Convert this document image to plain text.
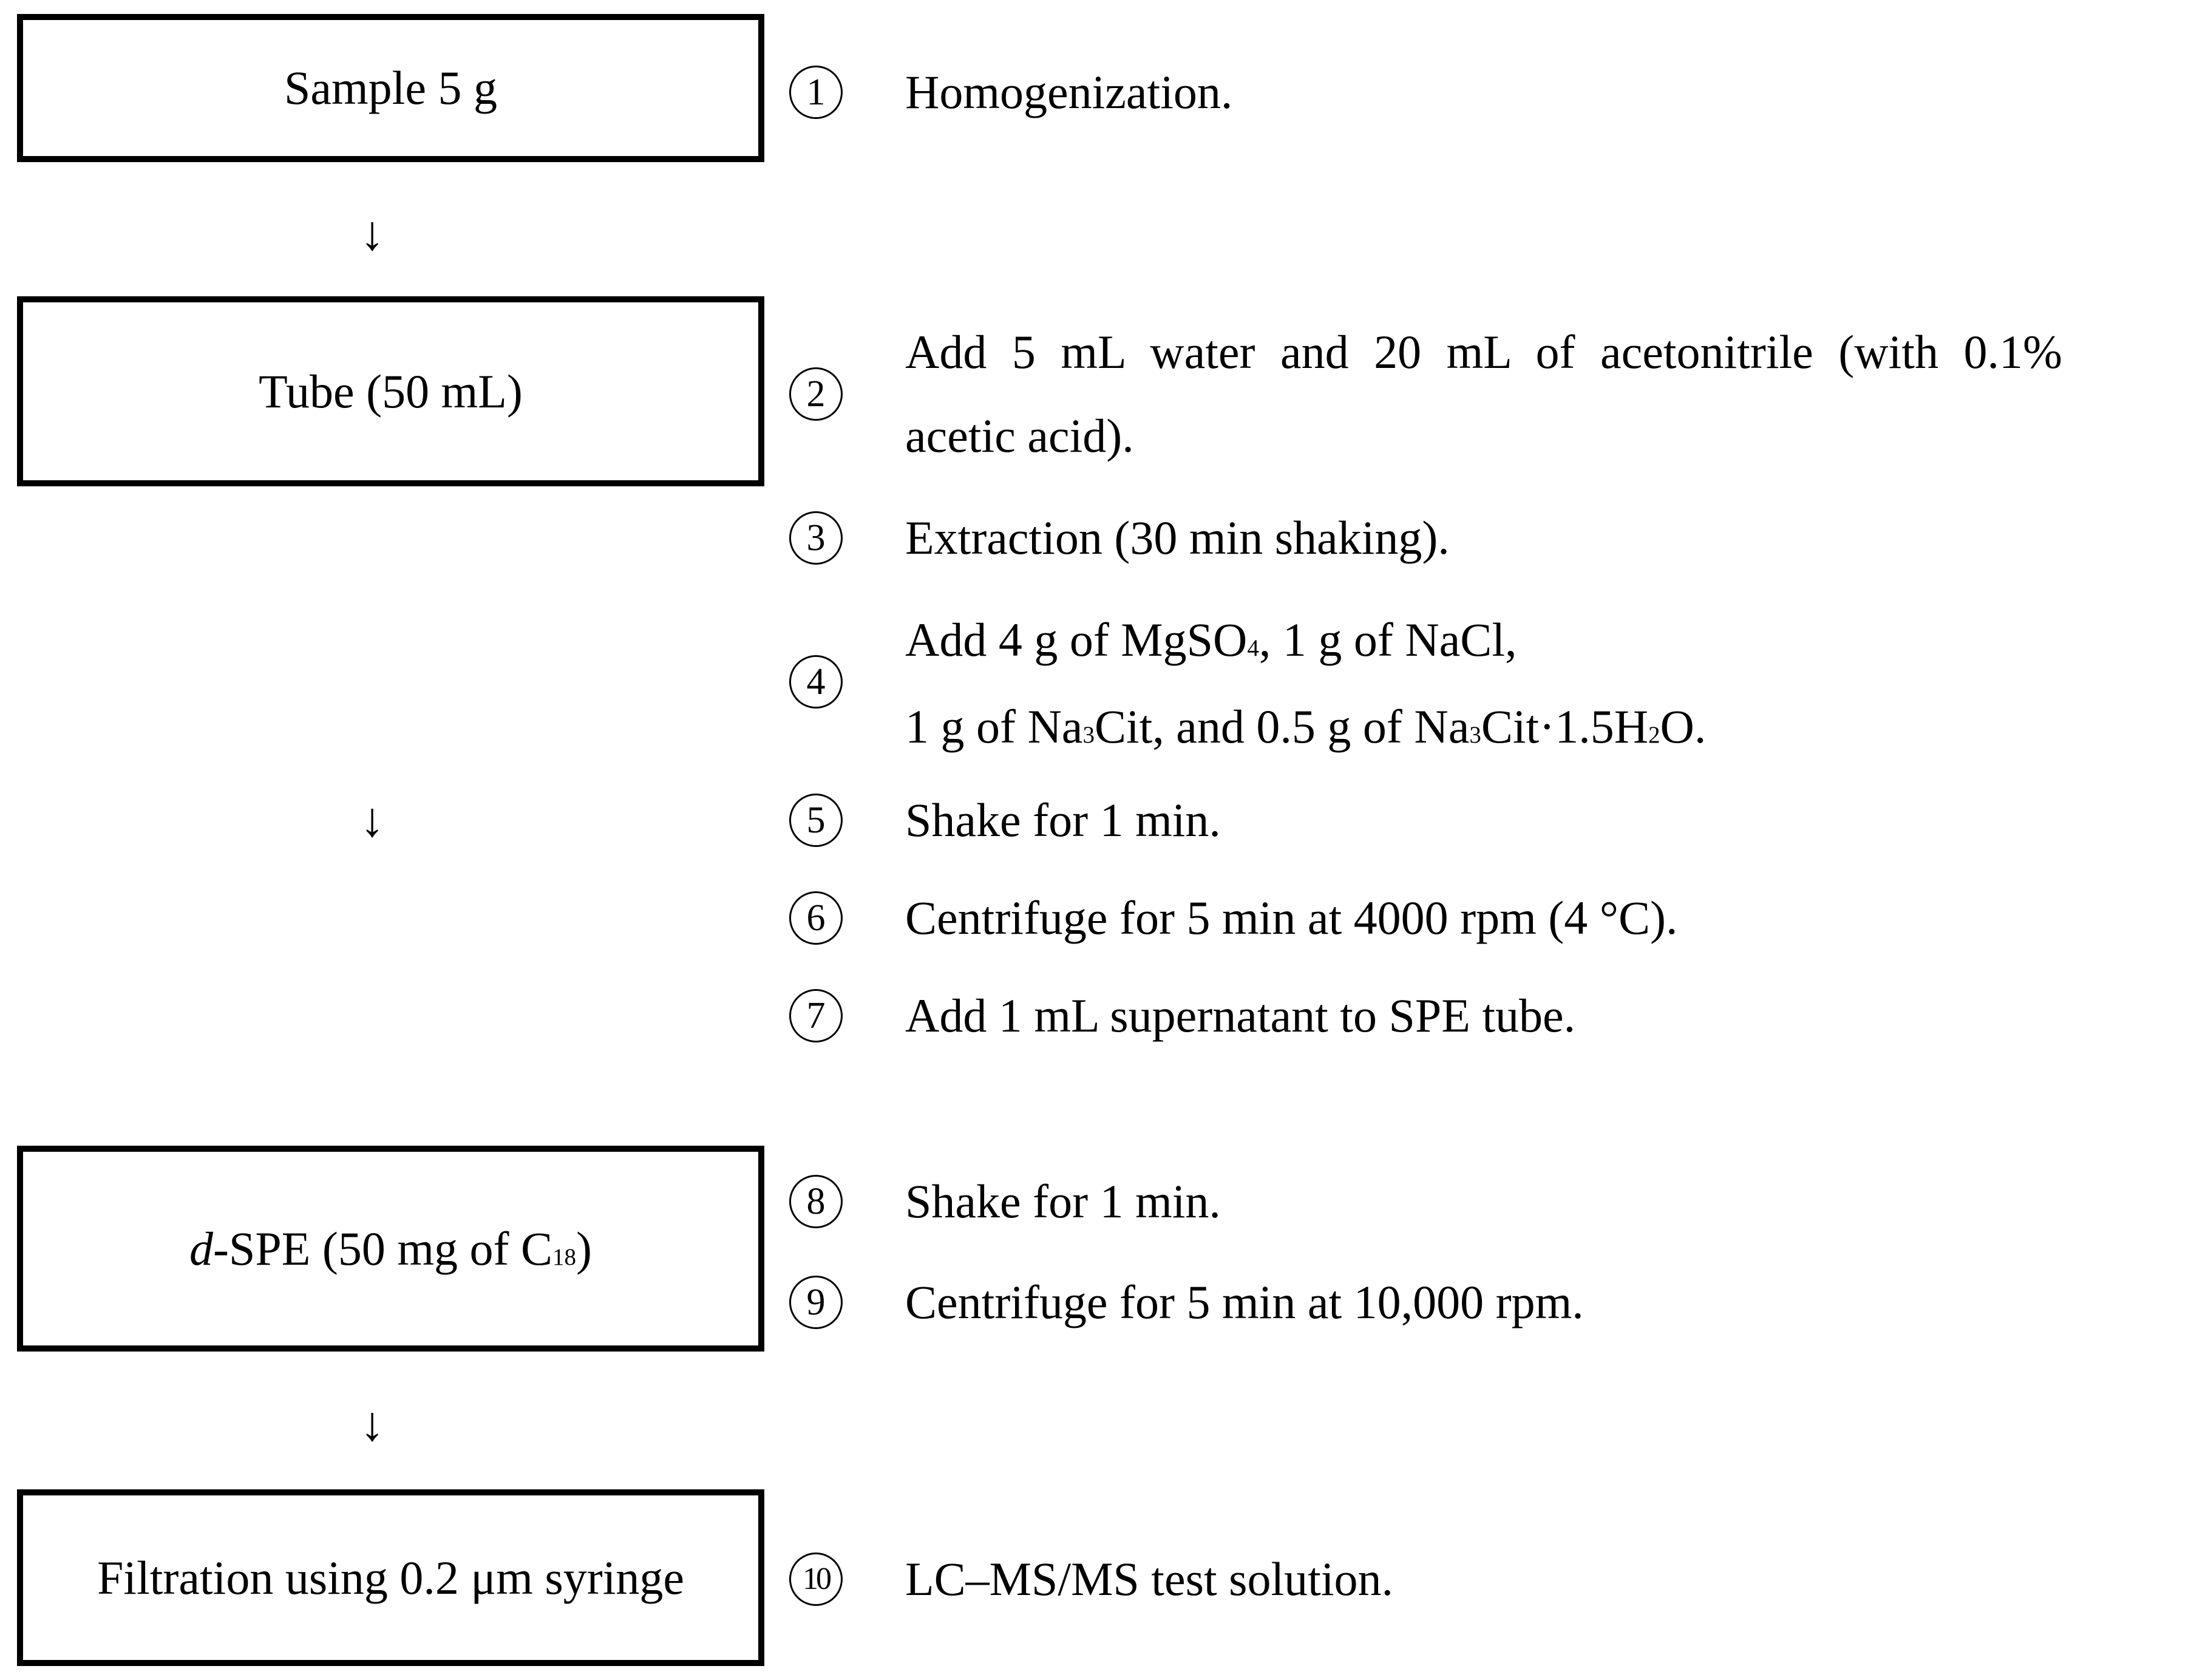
Sample 5 g
Tube (50 mL)
d-SPE (50 mg of C18)
Filtration using 0.2 μm syringe
↓
↓
↓
1	Homogenization.
2
Add 5 mL water and 20 mL of acetonitrile (with 0.1%
acetic acid).
3	Extraction (30 min shaking).
4
Add 4 g of MgSO4, 1 g of NaCl,
1 g of Na3Cit, and 0.5 g of Na3Cit·1.5H2O.
5	Shake for 1 min.
6	Centrifuge for 5 min at 4000 rpm (4 °C).
7	Add 1 mL supernatant to SPE tube.
8	Shake for 1 min.
9	Centrifuge for 5 min at 10,000 rpm.
10 LC–MS/MS test solution.
